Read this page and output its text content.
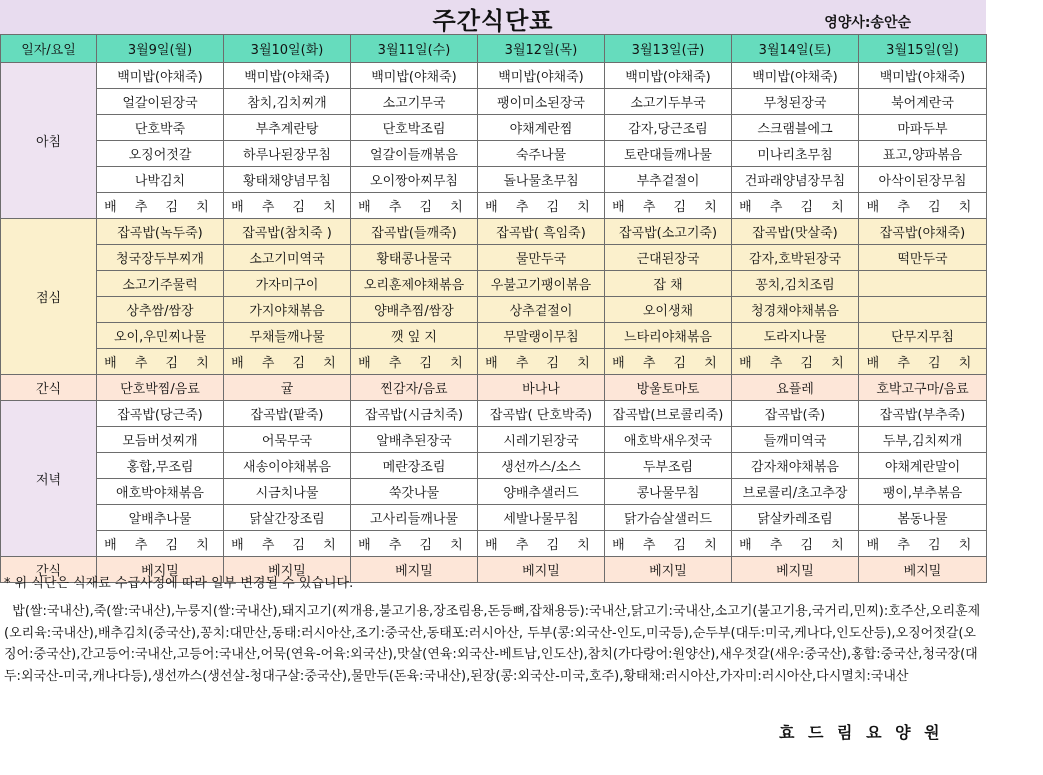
주간식단표	영양사:송안순
일자/요일	3월9일(월)	3월10일(화)	3월11일(수)	3월12일(목)	3월13일(금)	3월14일(토)	3월15일(일)
아침	백미밥(야채죽)	백미밥(야채죽)	백미밥(야채죽)	백미밥(야채죽)	백미밥(야채죽)	백미밥(야채죽)	백미밥(야채죽)
	얼갈이된장국	참치,김치찌개	소고기무국	팽이미소된장국	소고기두부국	무청된장국	북어계란국
	단호박죽	부추계란탕	단호박조림	야채계란찜	감자,당근조림	스크램블에그	마파두부
	오징어젓갈	하루나된장무침	얼갈이들깨볶음	숙주나물	토란대들깨나물	미나리초무침	표고,양파볶음
	나박김치	황태채양념무침	오이짱아찌무침	돌나물초무침	부추겉절이	건파래양념장무침	아삭이된장무침
	배 추 김 치	배 추 김 치	배 추 김 치	배 추 김 치	배 추 김 치	배 추 김 치	배 추 김 치
점심	잡곡밥(녹두죽)	잡곡밥(참치죽 )	잡곡밥(들깨죽)	잡곡밥( 흑임죽)	잡곡밥(소고기죽)	잡곡밥(맛살죽)	잡곡밥(야채죽)
	청국장두부찌개	소고기미역국	황태콩나물국	물만두국	근대된장국	감자,호박된장국	떡만두국
	소고기주물럭	가자미구이	오리훈제야채볶음	우불고기팽이볶음	잡 채	꽁치,김치조림	
	상추쌈/쌈장	가지야채볶음	양배추찜/쌈장	상추겉절이	오이생채	청경채야채볶음	
	오이,우민찌나물	무채들깨나물	깻 잎 지	무말랭이무침	느타리야채볶음	도라지나물	단무지무침
	배 추 김 치	배 추 김 치	배 추 김 치	배 추 김 치	배 추 김 치	배 추 김 치	배 추 김 치
간식	단호박찜/음료	귤	찐감자/음료	바나나	방울토마토	요플레	호박고구마/음료
저녁	잡곡밥(당근죽)	잡곡밥(팥죽)	잡곡밥(시금치죽)	잡곡밥( 단호박죽)	잡곡밥(브로콜리죽)	잡곡밥(죽)	잡곡밥(부추죽)
	모듬버섯찌개	어묵무국	알배추된장국	시레기된장국	애호박새우젓국	들깨미역국	두부,김치찌개
	홍합,무조림	새송이야채볶음	메란장조림	생선까스/소스	두부조림	감자채야채볶음	야채계란말이
	애호박야채볶음	시금치나물	쑥갓나물	양배추샐러드	콩나물무침	브로콜리/초고추장	팽이,부추볶음
	알배추나물	닭살간장조림	고사리들깨나물	세발나물무침	닭가슴살샐러드	닭살카레조림	봄동나물
	배 추 김 치	배 추 김 치	배 추 김 치	배 추 김 치	배 추 김 치	배 추 김 치	배 추 김 치
간식	베지밀	베지밀	베지밀	베지밀	베지밀	베지밀	베지밀
* 위 식단은 식재료 수급사정에 따라 일부 변경될 수 있습니다.
밥(쌀:국내산),죽(쌀:국내산),누룽지(쌀:국내산),돼지고기(찌개용,불고기용,장조림용,돈등뼈,잡채용등):국내산,닭고기:국내산,소고기(불고기용,국거리,민찌):호주산,오리훈제(오리육:국내산),배추김치(중국산),꽁치:대만산,동태:러시아산,조기:중국산,동태포:러시아산, 두부(콩:외국산-인도,미국등),순두부(대두:미국,케나다,인도산등),오징어젓갈(오징어:중국산),간고등어:국내산,고등어:국내산,어묵(연육-어육:외국산),맛살(연육:외국산-베트남,인도산),참치(가다랑어:원양산),새우젓갈(새우:중국산),홍합:중국산,청국장(대두:외국산-미국,캐나다등),생선까스(생선살-청대구살:중국산),물만두(돈육:국내산),된장(콩:외국산-미국,호주),황태채:러시아산,가자미:러시아산,다시멸치:국내산
효 드 림 요 양 원
